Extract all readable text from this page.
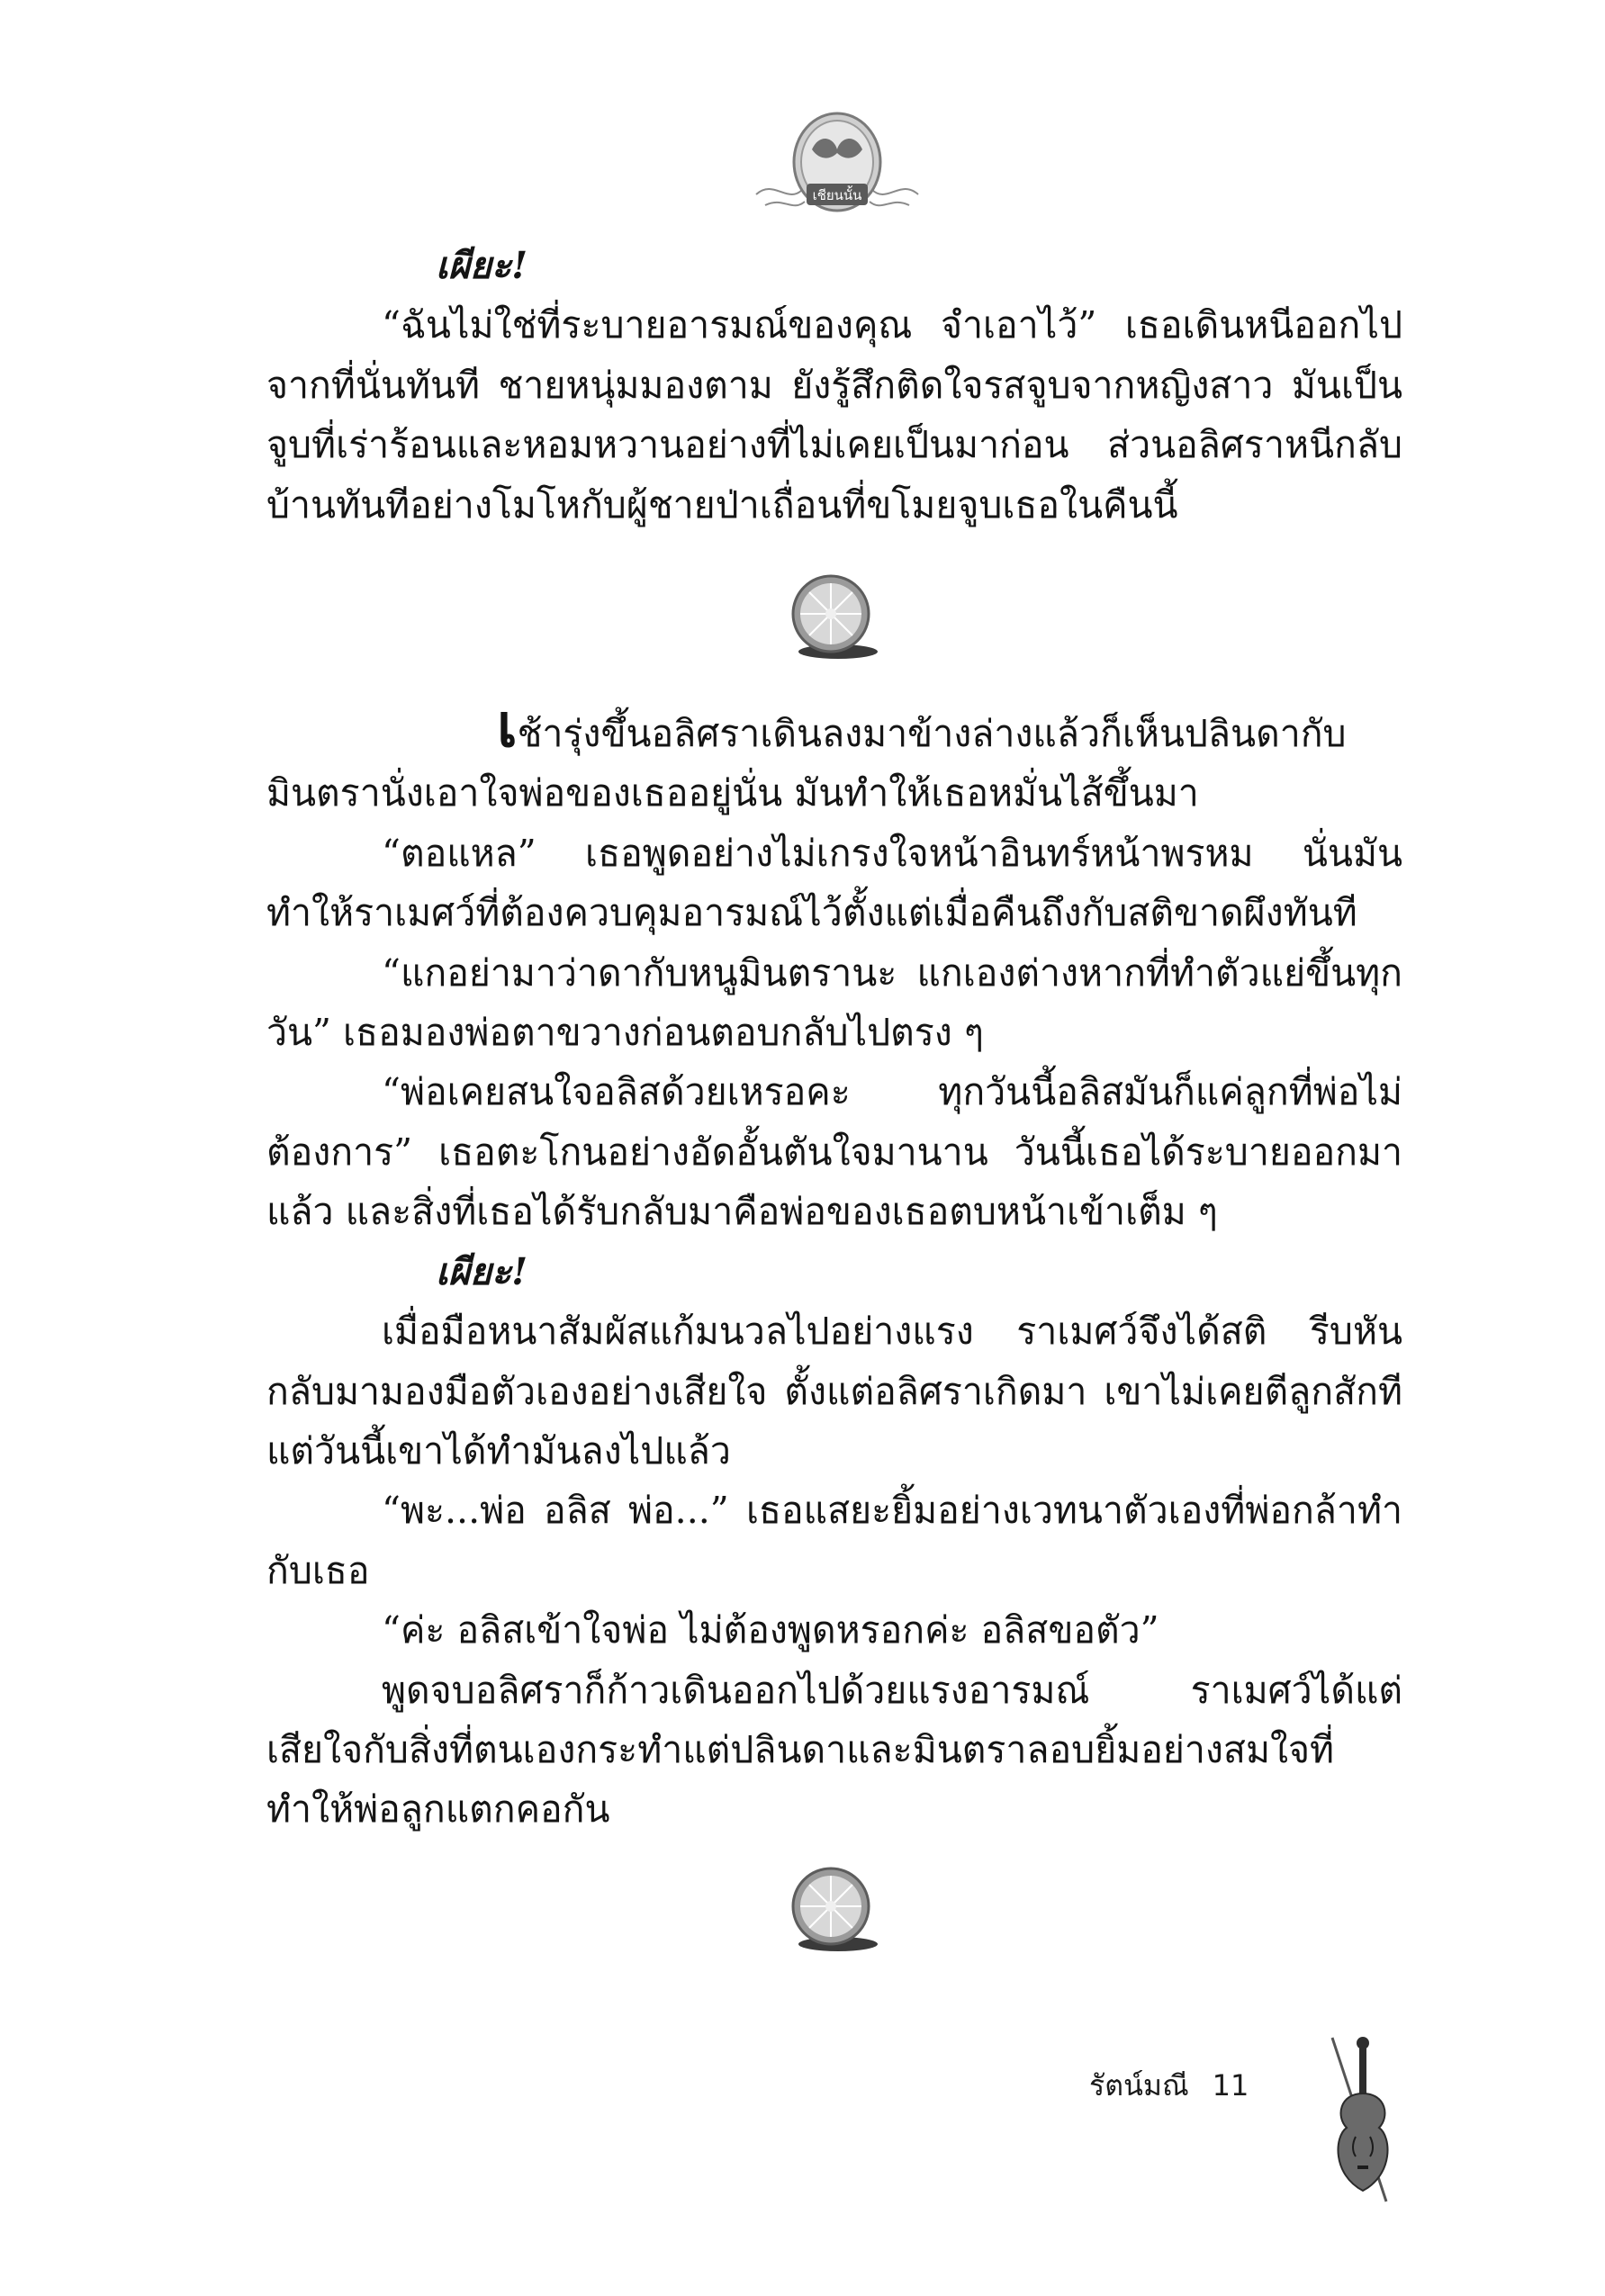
เชียนนั้น

เผียะ!

“ฉันไม่ใช่ที่ระบายอารมณ์ของคุณ จำเอาไว้” เธอเดินหนีออกไปจากที่นั่นทันที ชายหนุ่มมองตาม ยังรู้สึกติดใจรสจูบจากหญิงสาว มันเป็นจูบที่เร่าร้อนและหอมหวานอย่างที่ไม่เคยเป็นมาก่อน ส่วนอลิศราหนีกลับบ้านทันทีอย่างโมโหกับผู้ชายป่าเถื่อนที่ขโมยจูบเธอในคืนนี้

เช้ารุ่งขึ้นอลิศราเดินลงมาข้างล่างแล้วก็เห็นปลินดากับมินตรานั่งเอาใจพ่อของเธออยู่นั่น มันทำให้เธอหมั่นไส้ขึ้นมา

“ตอแหล” เธอพูดอย่างไม่เกรงใจหน้าอินทร์หน้าพรหม นั่นมันทำให้ราเมศว์ที่ต้องควบคุมอารมณ์ไว้ตั้งแต่เมื่อคืนถึงกับสติขาดผึงทันที

“แกอย่ามาว่าดากับหนูมินตรานะ แกเองต่างหากที่ทำตัวแย่ขึ้นทุกวัน” เธอมองพ่อตาขวางก่อนตอบกลับไปตรง ๆ

“พ่อเคยสนใจอลิสด้วยเหรอคะ ทุกวันนี้อลิสมันก็แค่ลูกที่พ่อไม่ต้องการ” เธอตะโกนอย่างอัดอั้นตันใจมานาน วันนี้เธอได้ระบายออกมาแล้ว และสิ่งที่เธอได้รับกลับมาคือพ่อของเธอตบหน้าเข้าเต็ม ๆ

เผียะ!

เมื่อมือหนาสัมผัสแก้มนวลไปอย่างแรง ราเมศว์จึงได้สติ รีบหันกลับมามองมือตัวเองอย่างเสียใจ ตั้งแต่อลิศราเกิดมา เขาไม่เคยตีลูกสักที แต่วันนี้เขาได้ทำมันลงไปแล้ว

“พะ...พ่อ อลิส พ่อ...” เธอแสยะยิ้มอย่างเวทนาตัวเองที่พ่อกล้าทำกับเธอ

“ค่ะ อลิสเข้าใจพ่อ ไม่ต้องพูดหรอกค่ะ อลิสขอตัว”

พูดจบอลิศราก็ก้าวเดินออกไปด้วยแรงอารมณ์ ราเมศว์ได้แต่เสียใจกับสิ่งที่ตนเองกระทำแต่ปลินดาและมินตราลอบยิ้มอย่างสมใจที่ทำให้พ่อลูกแตกคอกัน

รัตน์มณี 11
